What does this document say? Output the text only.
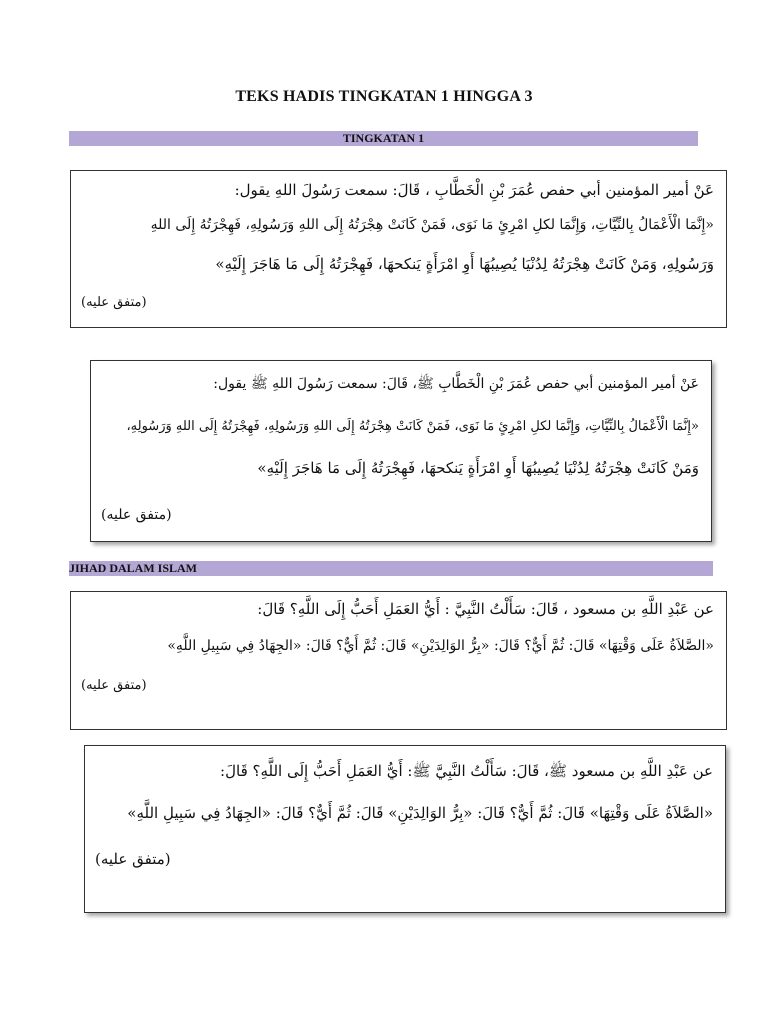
TEKS HADIS TINGKATAN 1 HINGGA 3
TINGKATAN 1
عَنْ أمير المؤمنين أبي حفص عُمَرَ بْنِ الْخَطَّابِ ، قَالَ: سمعت رَسُولَ اللهِ يقول:
«إِنَّمَا الْأَعْمَالُ بِالنِّيَّاتِ، وَإِنَّمَا لكلِ امْرِئٍ مَا نَوَى، فَمَنْ كَانَتْ هِجْرَتُهُ إِلَى اللهِ وَرَسُولِهِ، فَهِجْرَتُهُ إِلَى اللهِ
وَرَسُولِهِ، وَمَنْ كَانَتْ هِجْرَتُهُ لِدُنْيَا يُصِيبُهَا أَوِ امْرَأَةٍ يَنكحهَا، فَهِجْرَتُهُ إِلَى مَا هَاجَرَ إِلَيْهِ»
(متفق عليه)
عَنْ أمير المؤمنين أبي حفص عُمَرَ بْنِ الْخَطَّابِ ﷺ، قَالَ: سمعت رَسُولَ اللهِ ﷺ يقول:
«إِنَّمَا الْأَعْمَالُ بِالنِّيَّاتِ، وَإِنَّمَا لكلِ امْرِئٍ مَا نَوَى، فَمَنْ كَانَتْ هِجْرَتُهُ إِلَى اللهِ وَرَسُولِهِ، فَهِجْرَتُهُ إِلَى اللهِ وَرَسُولِهِ،
وَمَنْ كَانَتْ هِجْرَتُهُ لِدُنْيَا يُصِيبُهَا أَوِ امْرَأَةٍ يَنكحهَا، فَهِجْرَتُهُ إِلَى مَا هَاجَرَ إِلَيْهِ»
(متفق عليه)
JIHAD DALAM ISLAM
عن عَبْدِ اللَّهِ بن مسعود ، قَالَ: سَأَلْتُ النَّبِيَّ : أَيُّ العَمَلِ أَحَبُّ إِلَى اللَّهِ؟ قَالَ:
«الصَّلاَةُ عَلَى وَقْتِهَا» قَالَ: ثُمَّ أَيٌّ؟ قَالَ: «بِرُّ الوَالِدَيْنِ» قَالَ: ثُمَّ أَيٌّ؟ قَالَ: «الجِهَادُ فِي سَبِيلِ اللَّهِ»
(متفق عليه)
عن عَبْدِ اللَّهِ بن مسعود ﷺ، قَالَ: سَأَلْتُ النَّبِيَّ ﷺ: أَيُّ العَمَلِ أَحَبُّ إِلَى اللَّهِ؟ قَالَ:
«الصَّلاَةُ عَلَى وَقْتِهَا» قَالَ: ثُمَّ أَيٌّ؟ قَالَ: «بِرُّ الوَالِدَيْنِ» قَالَ: ثُمَّ أَيٌّ؟ قَالَ: «الجِهَادُ فِي سَبِيلِ اللَّهِ»
(متفق عليه)
